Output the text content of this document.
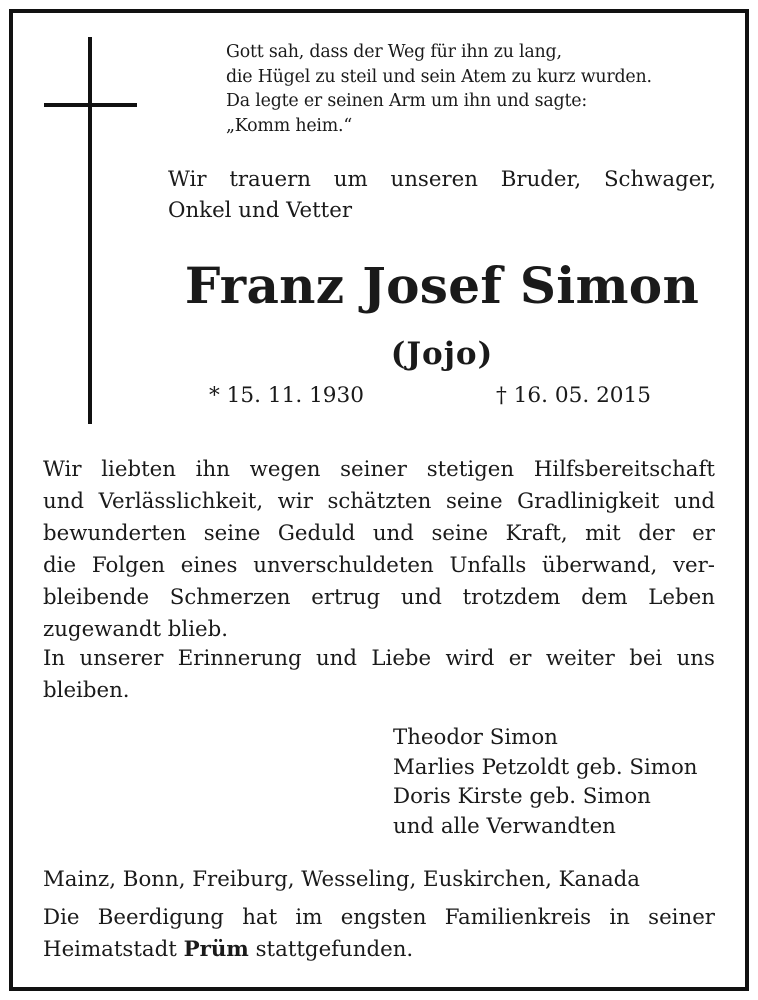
Gott sah, dass der Weg für ihn zu lang,
die Hügel zu steil und sein Atem zu kurz wurden.
Da legte er seinen Arm um ihn und sagte:
„Komm heim.“
Wir trauern um unseren Bruder, Schwager,
Onkel und Vetter
Franz Josef Simon
(Jojo)
* 15. 11. 1930	† 16. 05. 2015
Wir liebten ihn wegen seiner stetigen Hilfsbereitschaft
und Verlässlichkeit, wir schätzten seine Gradlinigkeit und
bewunderten seine Geduld und seine Kraft, mit der er
die Folgen eines unverschuldeten Unfalls überwand, ver-
bleibende Schmerzen ertrug und trotzdem dem Leben
zugewandt blieb.
In unserer Erinnerung und Liebe wird er weiter bei uns
bleiben.
Theodor Simon
Marlies Petzoldt geb. Simon
Doris Kirste geb. Simon
und alle Verwandten
Mainz, Bonn, Freiburg, Wesseling, Euskirchen, Kanada
Die Beerdigung hat im engsten Familienkreis in seiner
Heimatstadt Prüm stattgefunden.
